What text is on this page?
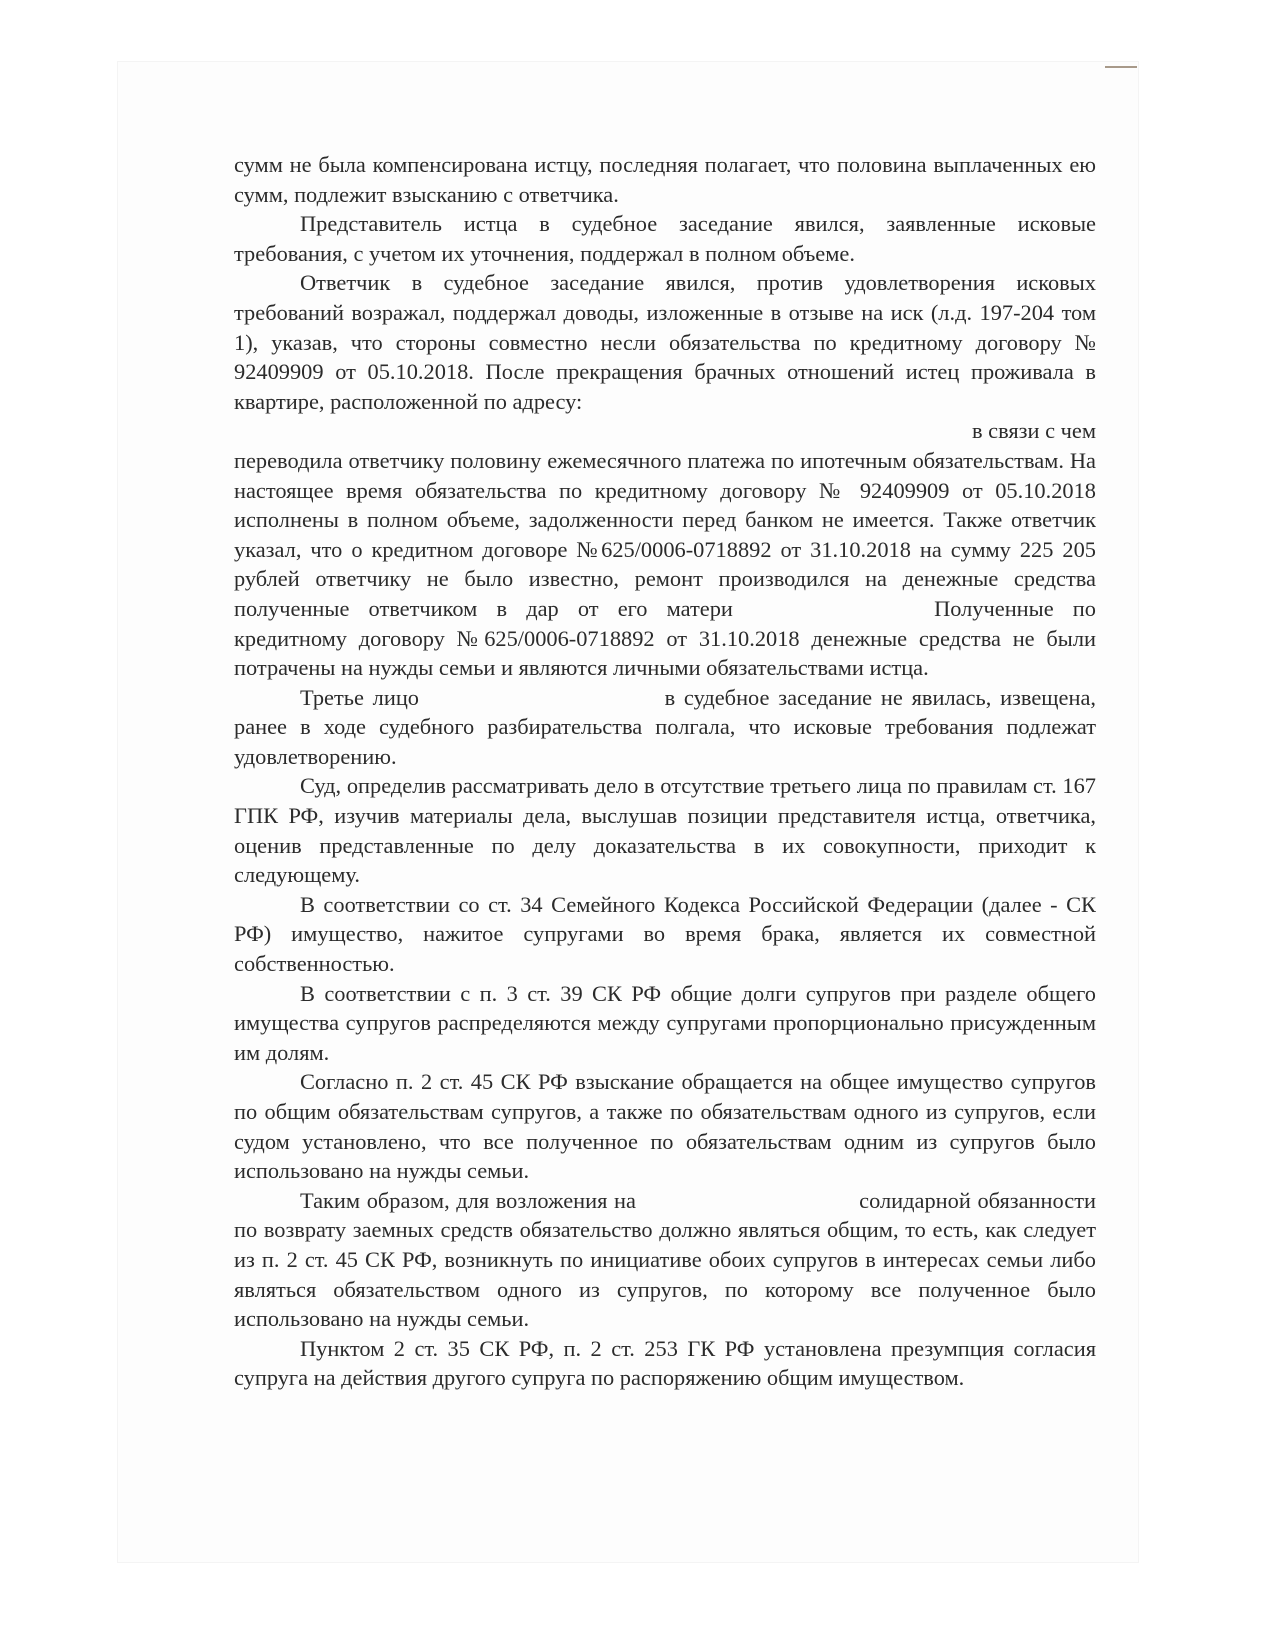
сумм не была компенсирована истцу, последняя полагает, что половина выплаченных ею сумм, подлежит взысканию с ответчика.

Представитель истца в судебное заседание явился, заявленные исковые требования, с учетом их уточнения, поддержал в полном объеме.

Ответчик в судебное заседание явился, против удовлетворения исковых требований возражал, поддержал доводы, изложенные в отзыве на иск (л.д. 197-204 том 1), указав, что стороны совместно несли обязательства по кредитному договору № 92409909 от 05.10.2018. После прекращения брачных отношений истец проживала в квартире, расположенной по адресу:
в связи с чем

переводила ответчику половину ежемесячного платежа по ипотечным обязательствам. На настоящее время обязательства по кредитному договору № 92409909 от 05.10.2018 исполнены в полном объеме, задолженности перед банком не имеется. Также ответчик указал, что о кредитном договоре №625/0006-0718892 от 31.10.2018 на сумму 225 205 рублей ответчику не было известно, ремонт производился на денежные средства полученные ответчиком в дар от его матери	Полученные по кредитному договору №625/0006-0718892 от 31.10.2018 денежные средства не были потрачены на нужды семьи и являются личными обязательствами истца.

Третье лицо	в судебное заседание не явилась, извещена, ранее в ходе судебного разбирательства полгала, что исковые требования подлежат удовлетворению.

Суд, определив рассматривать дело в отсутствие третьего лица по правилам ст. 167 ГПК РФ, изучив материалы дела, выслушав позиции представителя истца, ответчика, оценив представленные по делу доказательства в их совокупности, приходит к следующему.

В соответствии со ст. 34 Семейного Кодекса Российской Федерации (далее - СК РФ) имущество, нажитое супругами во время брака, является их совместной собственностью.

В соответствии с п. 3 ст. 39 СК РФ общие долги супругов при разделе общего имущества супругов распределяются между супругами пропорционально присужденным им долям.

Согласно п. 2 ст. 45 СК РФ взыскание обращается на общее имущество супругов по общим обязательствам супругов, а также по обязательствам одного из супругов, если судом установлено, что все полученное по обязательствам одним из супругов было использовано на нужды семьи.

Таким образом, для возложения на	солидарной обязанности по возврату заемных средств обязательство должно являться общим, то есть, как следует из п. 2 ст. 45 СК РФ, возникнуть по инициативе обоих супругов в интересах семьи либо являться обязательством одного из супругов, по которому все полученное было использовано на нужды семьи.

Пунктом 2 ст. 35 СК РФ, п. 2 ст. 253 ГК РФ установлена презумпция согласия супруга на действия другого супруга по распоряжению общим имуществом.
